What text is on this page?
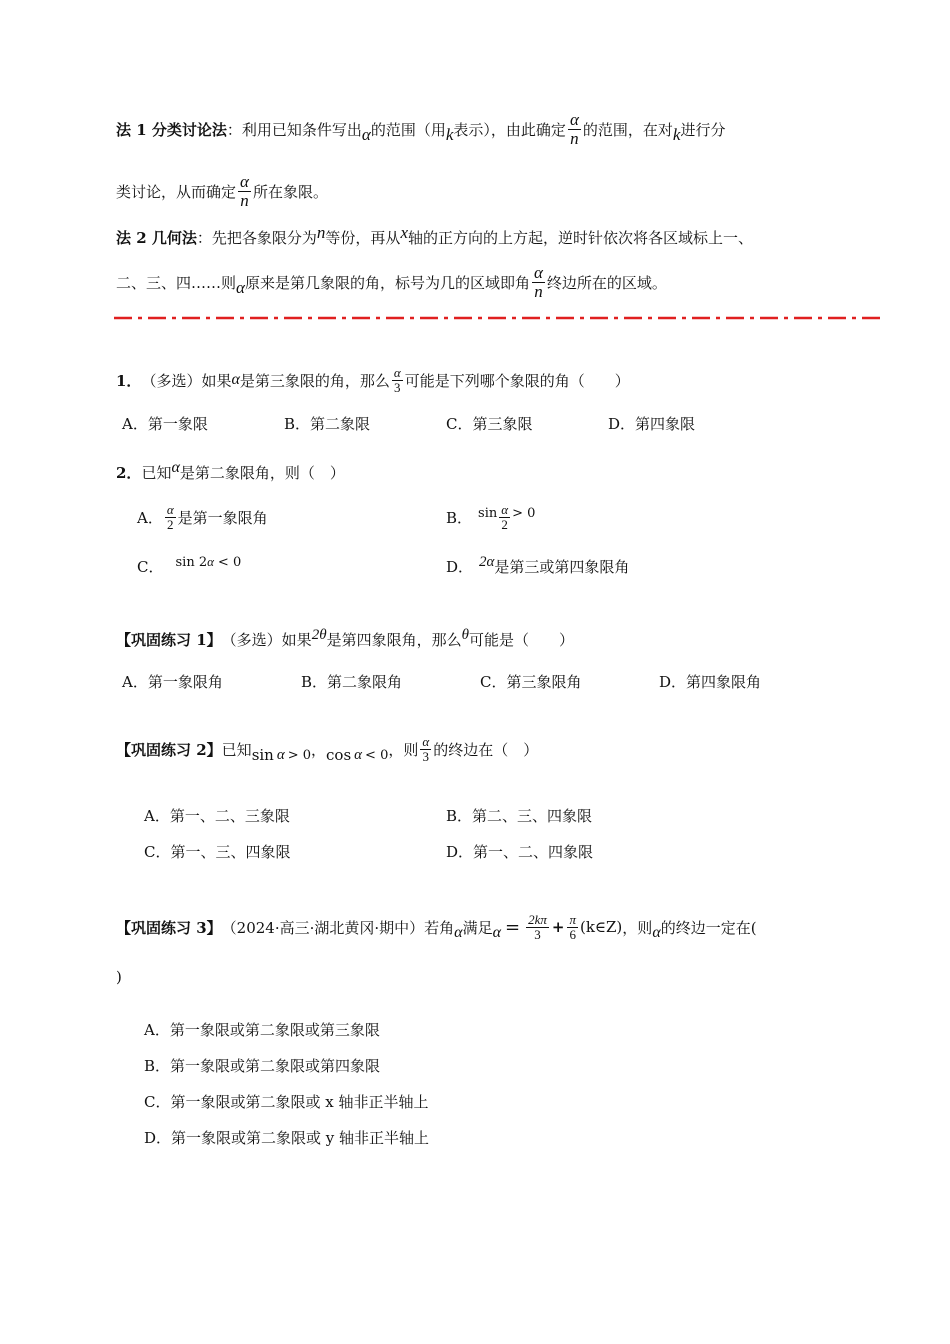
法 1 分类讨论法 ： 利用已知条件写出 α 的范围（用 k 表示），由此确定 $\frac{\alpha}{n}$ 的范围，在对 k 进行分
类讨论，从而确定 $\frac{\alpha}{n}$ 所在象限。
法 2 几何法 ： 先把各象限分为 n 等份，再从 x 轴的正方向的上方起，逆时针依次将各区域标上一、
二、三、四……则 α 原来是第几象限的角，标号为几的区域即角 $\frac{\alpha}{n}$ 终边所在的区域。
1． （多选）如果 α 是第三象限的角，那么 $\frac{\alpha}{3}$ 可能是下列哪个象限的角（　　）
A．第一象限	B．第二象限	C．第三象限	D．第四象限
2． 已知 α 是第二象限角，则（　）
A． $\frac{\alpha}{2}$ 是第一象限角	B． $\sin \frac{\alpha}{2} > 0$
C． sin 2 α < 0	D． 2α 是第三或第四象限角
【巩固练习 1】 （多选）如果 2θ 是第四象限角，那么 θ 可能是（　　）
A．第一象限角	B．第二象限角	C．第三象限角	D．第四象限角
【巩固练习 2】 已知 sin α > 0 ， cos α < 0 ，则 $\frac{\alpha}{3}$ 的终边在（　）
A．第一、二、三象限	B．第二、三、四象限
C．第一、三、四象限	D．第一、二、四象限
【巩固练习 3】 （2024·高三·湖北黄冈·期中）若角 α 满足 $\alpha = \frac{2k\pi}{3} + \frac{\pi}{6}$ (k∈Z) ，则 α 的终边一定在(
)
A．第一象限或第二象限或第三象限
B．第一象限或第二象限或第四象限
C．第一象限或第二象限或 x 轴非正半轴上
D．第一象限或第二象限或 y 轴非正半轴上
